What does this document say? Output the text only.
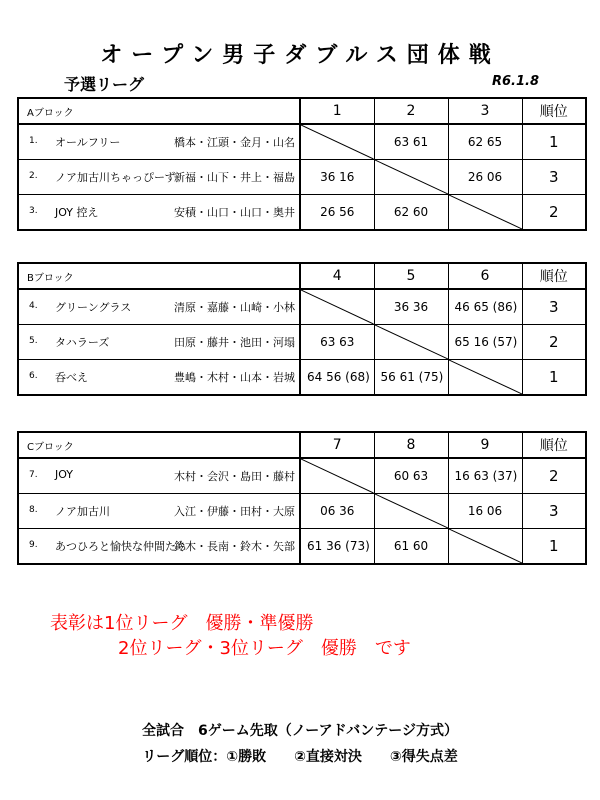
オープン男子ダブルス団体戦
予選リーグ	R6.1.8
Aブロック	1	2	3	順位

1. オールフリー 橋本・江頭・金月・山名		63 61	62 65	1

2. ノア加古川ちゃっぴーず
新福・山下・井上・福島	36 16		26 06	3

3. JOY 控え 安積・山口・山口・奥井	26 56	62 60		2
Bブロック	4	5	6	順位

4. グリーングラス 清原・嘉藤・山崎・小林		36 36	46 65 (86)	3

5. タハラーズ 田原・藤井・池田・河塌	63 63		65 16 (57)	2

6. 呑べえ 豊嶋・木村・山本・岩城	64 56 (68)	56 61 (75)		1
Cブロック	7	8	9	順位

7. JOY 木村・会沢・島田・藤村		60 63	16 63 (37)	2

8. ノア加古川 入江・伊藤・田村・大原	06 36		16 06	3

9. あつひろと愉快な仲間たち
鈴木・長南・鈴木・矢部	61 36 (73)	61 60		1
表彰は1位リーグ　優勝・準優勝
2位リーグ・3位リーグ　優勝　です
全試合　6ゲーム先取（ノーアドバンテージ方式）
リーグ順位：①勝敗　　②直接対決　　③得失点差
